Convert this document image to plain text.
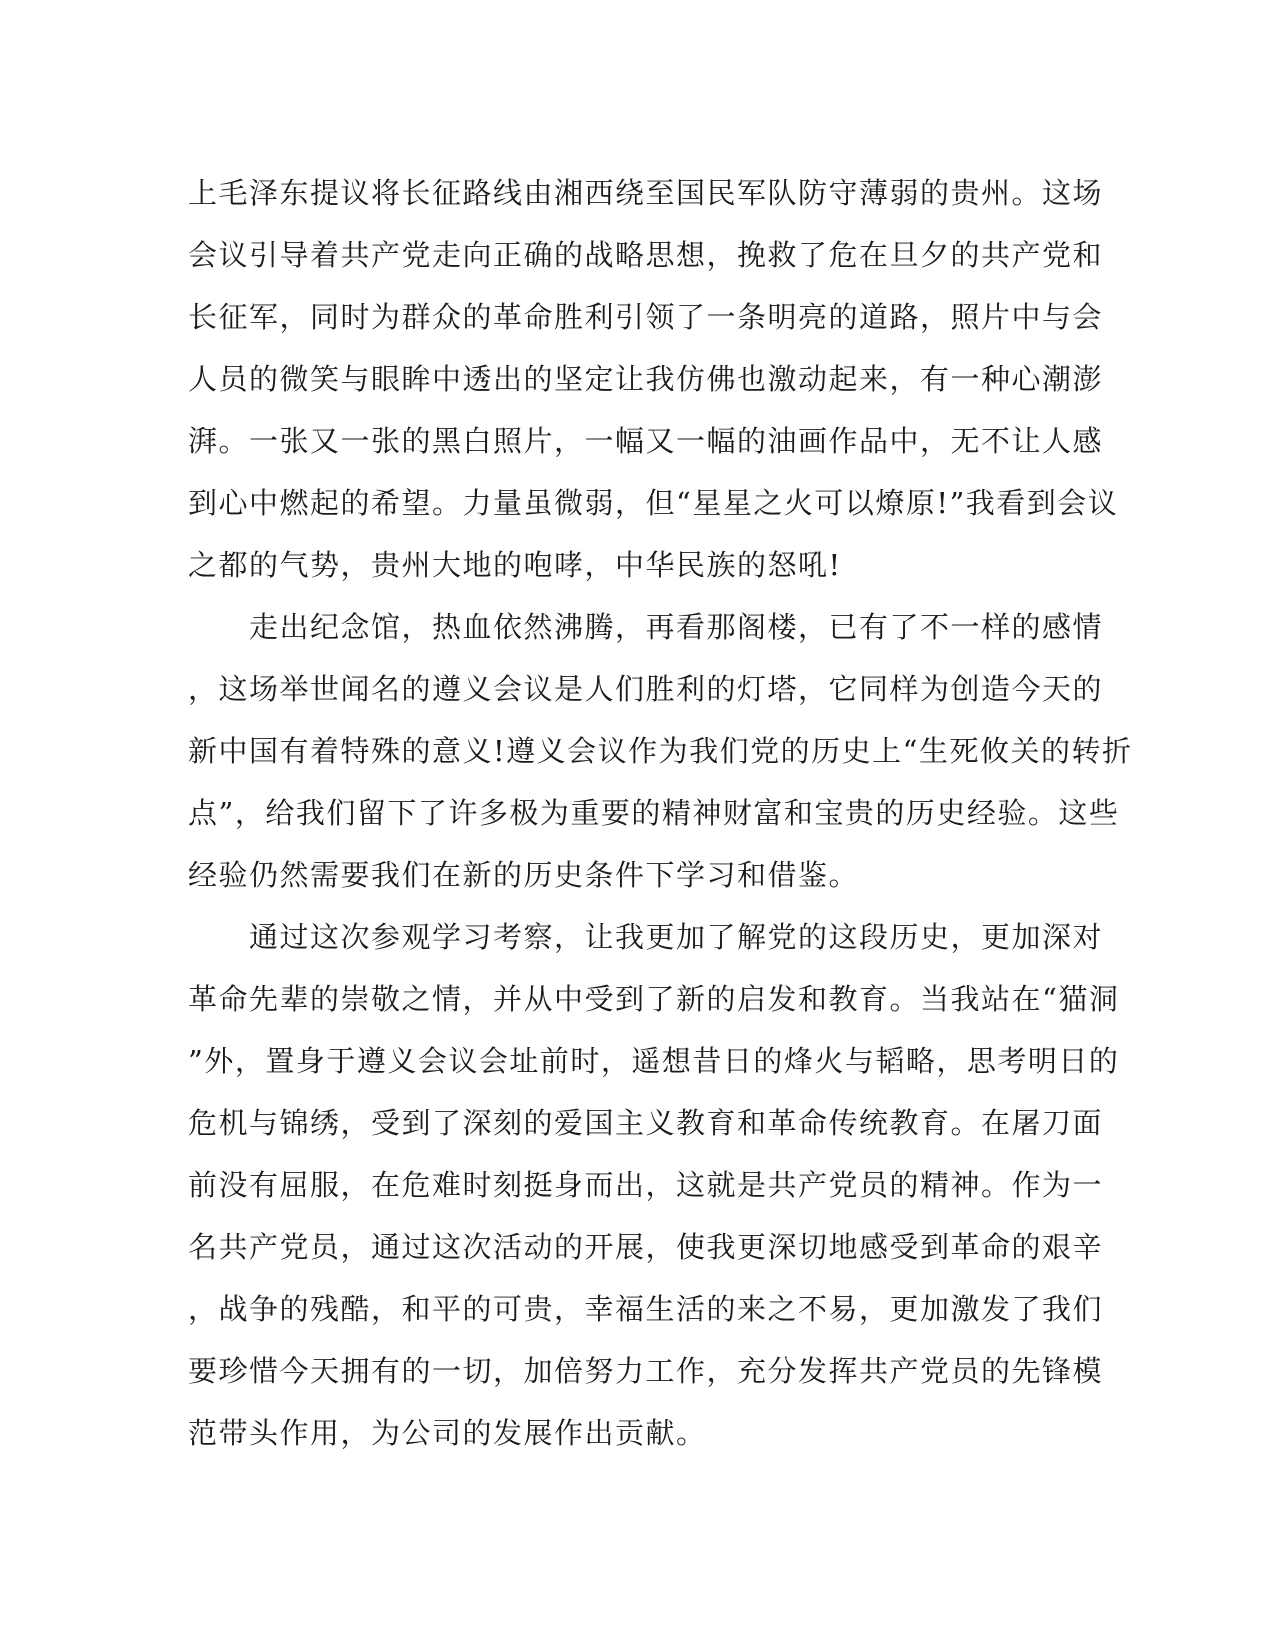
上毛泽东提议将长征路线由湘西绕至国民军队防守薄弱的贵州。这场
会议引导着共产党走向正确的战略思想，挽救了危在旦夕的共产党和
长征军，同时为群众的革命胜利引领了一条明亮的道路，照片中与会
人员的微笑与眼眸中透出的坚定让我仿佛也激动起来，有一种心潮澎
湃。一张又一张的黑白照片，一幅又一幅的油画作品中，无不让人感
到心中燃起的希望。力量虽微弱，但“星星之火可以燎原!”我看到会议
之都的气势，贵州大地的咆哮，中华民族的怒吼!
　　走出纪念馆，热血依然沸腾，再看那阁楼，已有了不一样的感情
，这场举世闻名的遵义会议是人们胜利的灯塔，它同样为创造今天的
新中国有着特殊的意义!遵义会议作为我们党的历史上“生死攸关的转折
点”，给我们留下了许多极为重要的精神财富和宝贵的历史经验。这些
经验仍然需要我们在新的历史条件下学习和借鉴。
　　通过这次参观学习考察，让我更加了解党的这段历史，更加深对
革命先辈的崇敬之情，并从中受到了新的启发和教育。当我站在“猫洞
”外，置身于遵义会议会址前时，遥想昔日的烽火与韬略，思考明日的
危机与锦绣，受到了深刻的爱国主义教育和革命传统教育。在屠刀面
前没有屈服，在危难时刻挺身而出，这就是共产党员的精神。作为一
名共产党员，通过这次活动的开展，使我更深切地感受到革命的艰辛
，战争的残酷，和平的可贵，幸福生活的来之不易，更加激发了我们
要珍惜今天拥有的一切，加倍努力工作，充分发挥共产党员的先锋模
范带头作用，为公司的发展作出贡献。
